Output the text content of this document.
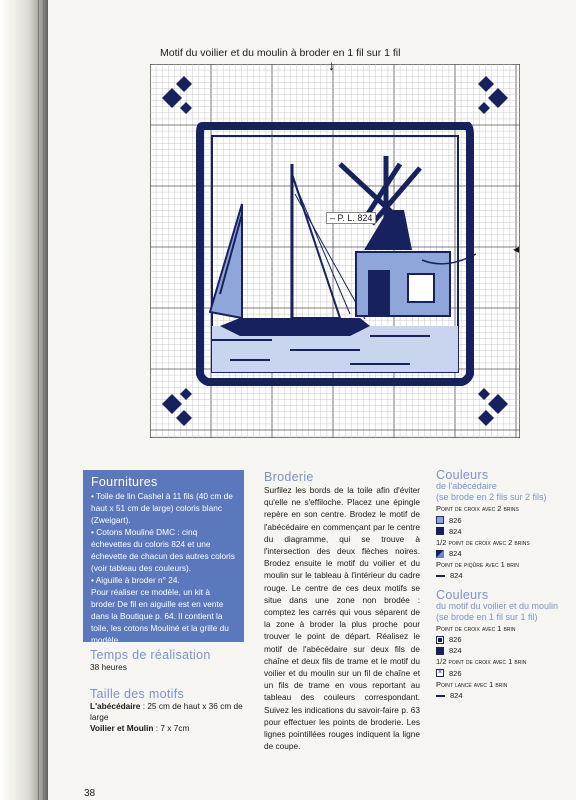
Motif du voilier et du moulin à broder en 1 fil sur 1 fil
↓
◂
– P. L. 824
Fournitures

• Toile de lin Cashel à 11 fils (40 cm de haut x 51 cm de large) coloris blanc (Zweigart).

• Cotons Mouliné DMC : cinq échevettes du coloris 824 et une échevette de chacun des autres coloris (voir tableau des couleurs).

• Aiguille à broder n° 24.

Pour réaliser ce modèle, un kit à broder De fil en aiguille est en vente dans la Boutique p. 64. Il contient la toile, les cotons Mouliné et la grille du modèle.

Temps de réalisation
38 heures
Taille des motifs
L'abécédaire : 25 cm de haut x 36 cm de large
Voilier et Moulin : 7 x 7cm
Broderie

Surfilez les bords de la toile afin d'éviter qu'elle ne s'effiloche. Placez une épingle repère en son centre. Brodez le motif de l'abécédaire en commençant par le centre du diagramme, qui se trouve à l'intersection des deux flèches noires. Brodez ensuite le motif du voilier et du moulin sur le tableau à l'intérieur du cadre rouge. Le centre de ces deux motifs se situe dans une zone non brodée : comptez les carrés qui vous séparent de la zone à broder la plus proche pour trouver le point de départ. Réalisez le motif de l'abécédaire sur deux fils de chaîne et deux fils de trame et le motif du voilier et du moulin sur un fil de chaîne et un fils de trame en vous reportant au tableau des couleurs correspondant. Suivez les indications du savoir-faire p. 63 pour effectuer les points de broderie. Les lignes pointillées rouges indiquent la ligne de coupe.

Couleurs
de l'abécédaire
(se brode en 2 fils sur 2 fils)
Point de croix avec 2 brins
826
824
1/2 point de croix avec 2 brins
824
Point de piqûre avec 1 brin
824
Couleurs
du motif du voilier et du moulin
(se brode en 1 fil sur 1 fil)
Point de croix avec 1 brin
826
824
1/2 point de croix avec 1 brin
× 826
Point lancé avec 1 brin
824
38
